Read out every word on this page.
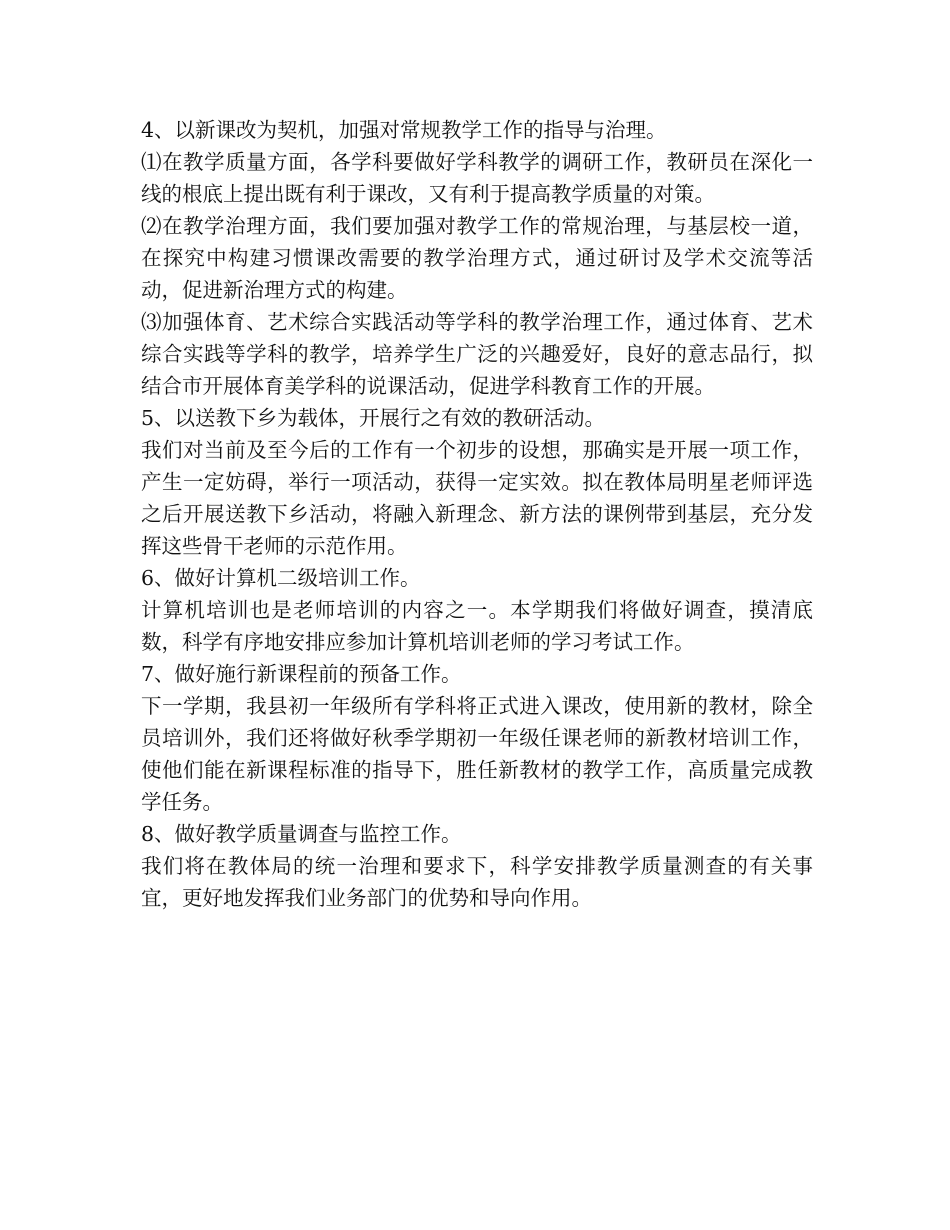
4、以新课改为契机，加强对常规教学工作的指导与治理。

⑴在教学质量方面，各学科要做好学科教学的调研工作，教研员在深化一线的根底上提出既有利于课改，又有利于提高教学质量的对策。

⑵在教学治理方面，我们要加强对教学工作的常规治理，与基层校一道，在探究中构建习惯课改需要的教学治理方式，通过研讨及学术交流等活动，促进新治理方式的构建。

⑶加强体育、艺术综合实践活动等学科的教学治理工作，通过体育、艺术综合实践等学科的教学，培养学生广泛的兴趣爱好，良好的意志品行，拟结合市开展体育美学科的说课活动，促进学科教育工作的开展。

5、以送教下乡为载体，开展行之有效的教研活动。

我们对当前及至今后的工作有一个初步的设想，那确实是开展一项工作，产生一定妨碍，举行一项活动，获得一定实效。拟在教体局明星老师评选之后开展送教下乡活动，将融入新理念、新方法的课例带到基层，充分发挥这些骨干老师的示范作用。

6、做好计算机二级培训工作。

计算机培训也是老师培训的内容之一。本学期我们将做好调查，摸清底数，科学有序地安排应参加计算机培训老师的学习考试工作。

7、做好施行新课程前的预备工作。

下一学期，我县初一年级所有学科将正式进入课改，使用新的教材，除全员培训外，我们还将做好秋季学期初一年级任课老师的新教材培训工作，使他们能在新课程标准的指导下，胜任新教材的教学工作，高质量完成教学任务。

8、做好教学质量调查与监控工作。

我们将在教体局的统一治理和要求下，科学安排教学质量测查的有关事宜，更好地发挥我们业务部门的优势和导向作用。
